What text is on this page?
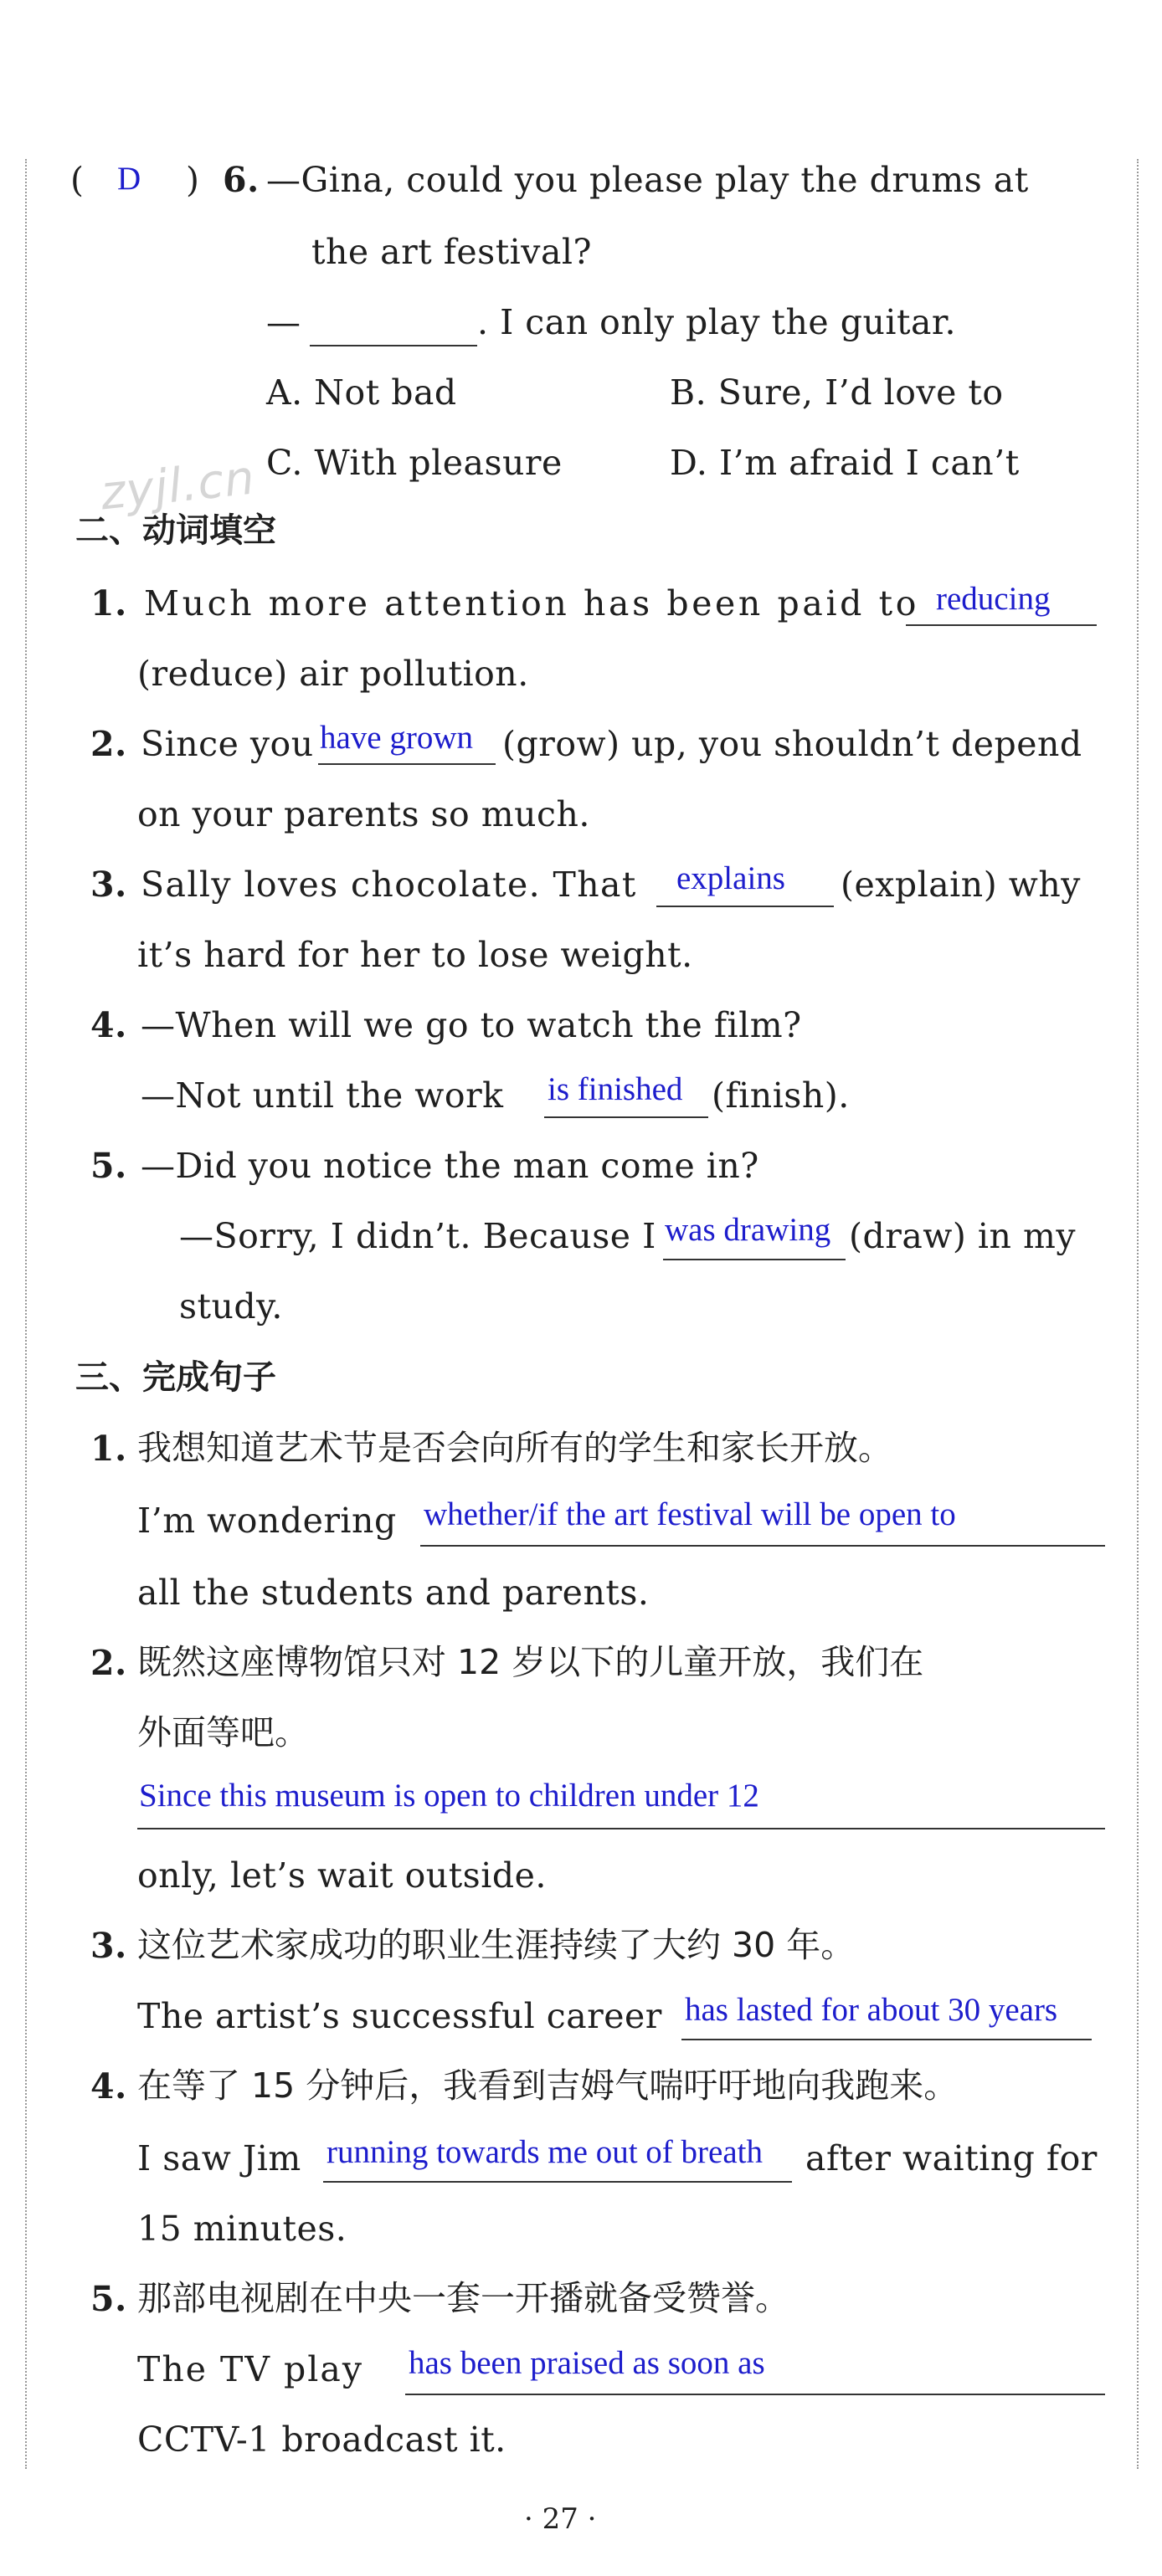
zyjl.cn
( D ) 6. —Gina, could you please play the drums at
the art festival?
—	. I can only play the guitar.
A. Not bad	B. Sure, I’d love to
C. With pleasure	D. I’m afraid I can’t
二、动词填空
1. Much more attention has been paid to reducing
(reduce) air pollution.
2. Since you have grown (grow) up, you shouldn’t depend
on your parents so much.
3. Sally loves chocolate. That explains (explain) why
it’s hard for her to lose weight.
4. —When will we go to watch the film?
—Not until the work is finished (finish).
5. —Did you notice the man come in?
—Sorry, I didn’t. Because I was drawing (draw) in my
study.
三、完成句子
1. 我想知道艺术节是否会向所有的学生和家长开放。
I’m wondering whether/if the art festival will be open to
all the students and parents.
2. 既然这座博物馆只对 12 岁以下的儿童开放，我们在
外面等吧。
Since this museum is open to children under 12
only, let’s wait outside.
3. 这位艺术家成功的职业生涯持续了大约 30 年。
The artist’s successful career has lasted for about 30 years
4. 在等了 15 分钟后，我看到吉姆气喘吁吁地向我跑来。
I saw Jim running towards me out of breath after waiting for
15 minutes.
5. 那部电视剧在中央一套一开播就备受赞誉。
The TV play has been praised as soon as
CCTV-1 broadcast it.
· 27 ·
